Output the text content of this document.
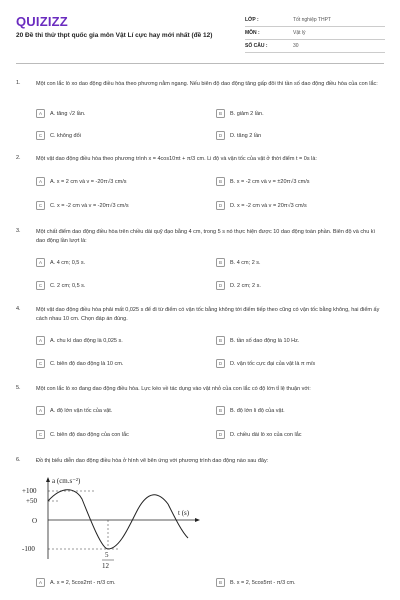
QUIZIZZ
20 Đề thi thử thpt quốc gia môn Vật Lí cực hay mới nhất (đề 12)
LỚP :	Tốt nghiệp THPT
MÔN :	Vật lý
SỐ CÂU :	30
1.	Một con lắc lò xo dao động điều hòa theo phương nằm ngang. Nếu biên độ dao động tăng gấp đôi thì tần số dao động điều hòa của con lắc:
A	A. tăng √2 lần.	B	B. giảm 2 lần.
C	C. không đổi	D	D. tăng 2 lần
2.	Một vật dao động điều hòa theo phương trình x = 4cos10πt + π/3 cm. Li độ và vận tốc của vật ở thời điểm t = 0s là:
A	A. x = 2 cm và v = -20π√3 cm/s	B	B. x = -2 cm và v = ±20π√3 cm/s
C	C. x = -2 cm và v = -20π√3 cm/s	D	D. x = -2 cm và v = 20π√3 cm/s
3.	Một chất điểm dao động điều hòa trên chiều dài quỹ đạo bằng 4 cm, trong 5 s nó thực hiện được 10 dao động toàn phần. Biên độ và chu kì dao động lần lượt là:
A	A. 4 cm; 0,5 s.	B	B. 4 cm; 2 s.
C	C. 2 cm; 0,5 s.	D	D. 2 cm; 2 s.
4.	Một vật dao động điều hòa phải mất 0,025 s để đi từ điểm có vận tốc bằng không tới điểm tiếp theo cũng có vận tốc bằng không, hai điểm ấy cách nhau 10 cm. Chọn đáp án đúng.
A	A. chu kì dao động là 0,025 s.	B	B. tần số dao động là 10 Hz.
C	C. biên độ dao động là 10 cm.	D	D. vận tốc cực đại của vật là π m/s
5.	Một con lắc lò xo đang dao động điều hòa. Lực kéo về tác dụng vào vật nhỏ của con lắc có độ lớn tỉ lệ thuận với:
A	A. độ lớn vận tốc của vật.	B	B. độ lớn li độ của vật.
C	C. biên độ dao động của con lắc	D	D. chiều dài lò xo của con lắc
6.	Đồ thị biểu diễn dao động điều hòa ở hình vẽ bên ứng với phương trình dao động nào sau đây:
a (cm.s⁻²)
t (s)
+100
+50
O
-100
5
12
A	A. x = 2, 5cos2πt - π/3 cm.	B	B. x = 2, 5cos5πt - π/3 cm.
